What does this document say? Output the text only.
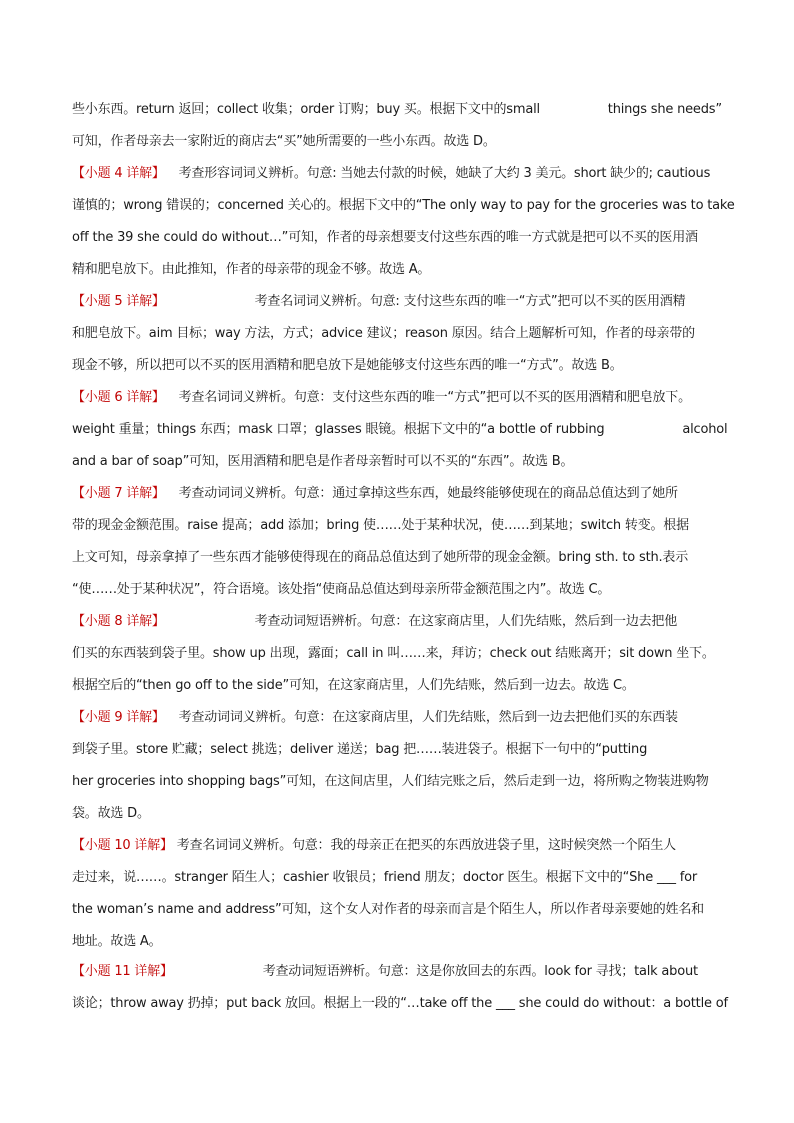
些小东西。return 返回；collect 收集；order 订购；buy 买。根据下文中的small	things she needs”
可知，作者母亲去一家附近的商店去“买”她所需要的一些小东西。故选 D。
【小题 4 详解】 考查形容词词义辨析。句意: 当她去付款的时候，她缺了大约 3 美元。short 缺少的; cautious
谨慎的；wrong 错误的；concerned 关心的。根据下文中的“The only way to pay for the groceries was to take
off the 39 she could do without…”可知，作者的母亲想要支付这些东西的唯一方式就是把可以不买的医用酒
精和肥皂放下。由此推知，作者的母亲带的现金不够。故选 A。
【小题 5 详解】	考查名词词义辨析。句意: 支付这些东西的唯一“方式”把可以不买的医用酒精
和肥皂放下。aim 目标；way 方法，方式；advice 建议；reason 原因。结合上题解析可知，作者的母亲带的
现金不够，所以把可以不买的医用酒精和肥皂放下是她能够支付这些东西的唯一“方式”。故选 B。
【小题 6 详解】 考查名词词义辨析。句意：支付这些东西的唯一“方式”把可以不买的医用酒精和肥皂放下。
weight 重量；things 东西；mask 口罩；glasses 眼镜。根据下文中的“a bottle of rubbing	alcohol
and a bar of soap”可知，医用酒精和肥皂是作者母亲暂时可以不买的“东西”。故选 B。
【小题 7 详解】 考查动词词义辨析。句意：通过拿掉这些东西，她最终能够使现在的商品总值达到了她所
带的现金金额范围。raise 提高；add 添加；bring 使……处于某种状况，使……到某地；switch 转变。根据
上文可知，母亲拿掉了一些东西才能够使得现在的商品总值达到了她所带的现金金额。bring sth. to sth.表示
“使……处于某种状况”，符合语境。该处指“使商品总值达到母亲所带金额范围之内”。故选 C。
【小题 8 详解】	考查动词短语辨析。句意：在这家商店里，人们先结账，然后到一边去把他
们买的东西装到袋子里。show up 出现，露面；call in 叫……来，拜访；check out 结账离开；sit down 坐下。
根据空后的“then go off to the side”可知，在这家商店里，人们先结账，然后到一边去。故选 C。
【小题 9 详解】 考查动词词义辨析。句意：在这家商店里，人们先结账，然后到一边去把他们买的东西装
到袋子里。store 贮藏；select 挑选；deliver 递送；bag 把……装进袋子。根据下一句中的“putting
her groceries into shopping bags”可知，在这间店里，人们结完账之后，然后走到一边，将所购之物装进购物
袋。故选 D。
【小题 10 详解】 考查名词词义辨析。句意：我的母亲正在把买的东西放进袋子里，这时候突然一个陌生人
走过来，说……。stranger 陌生人；cashier 收银员；friend 朋友；doctor 医生。根据下文中的“She ___ for
the woman’s name and address”可知，这个女人对作者的母亲而言是个陌生人，所以作者母亲要她的姓名和
地址。故选 A。
【小题 11 详解】	考查动词短语辨析。句意：这是你放回去的东西。look for 寻找；talk about
谈论；throw away 扔掉；put back 放回。根据上一段的“…take off the ___ she could do without：a bottle of
